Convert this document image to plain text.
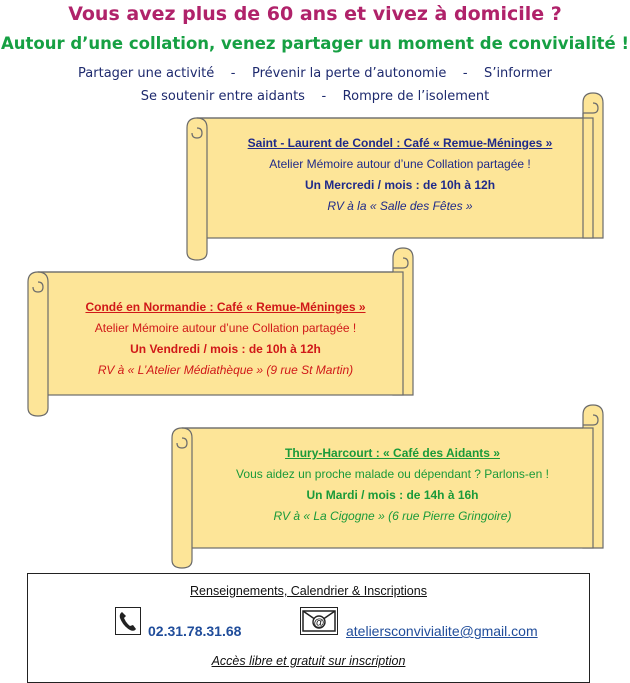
Vous avez plus de 60 ans et vivez à domicile ?
Autour d’une collation, venez partager un moment de convivialité !
Partager une activité    -    Prévenir la perte d’autonomie    -    S’informer
Se soutenir entre aidants    -    Rompre de l’isolement
Saint - Laurent de Condel : Café « Remue-Méninges »
Atelier Mémoire autour d’une Collation partagée !
Un Mercredi / mois : de 10h à 12h
RV à la « Salle des Fêtes »
Condé en Normandie : Café « Remue-Méninges »
Atelier Mémoire autour d’une Collation partagée !
Un Vendredi / mois : de 10h à 12h
RV à « L’Atelier Médiathèque » (9 rue St Martin)
Thury-Harcourt : « Café des Aidants »
Vous aidez un proche malade ou dépendant ? Parlons-en !
Un Mardi / mois : de 14h à 16h
RV à « La Cigogne » (6 rue Pierre Gringoire)
Renseignements, Calendrier & Inscriptions
02.31.78.31.68	@ ateliersconvivialite@gmail.com
Accès libre et gratuit sur inscription
